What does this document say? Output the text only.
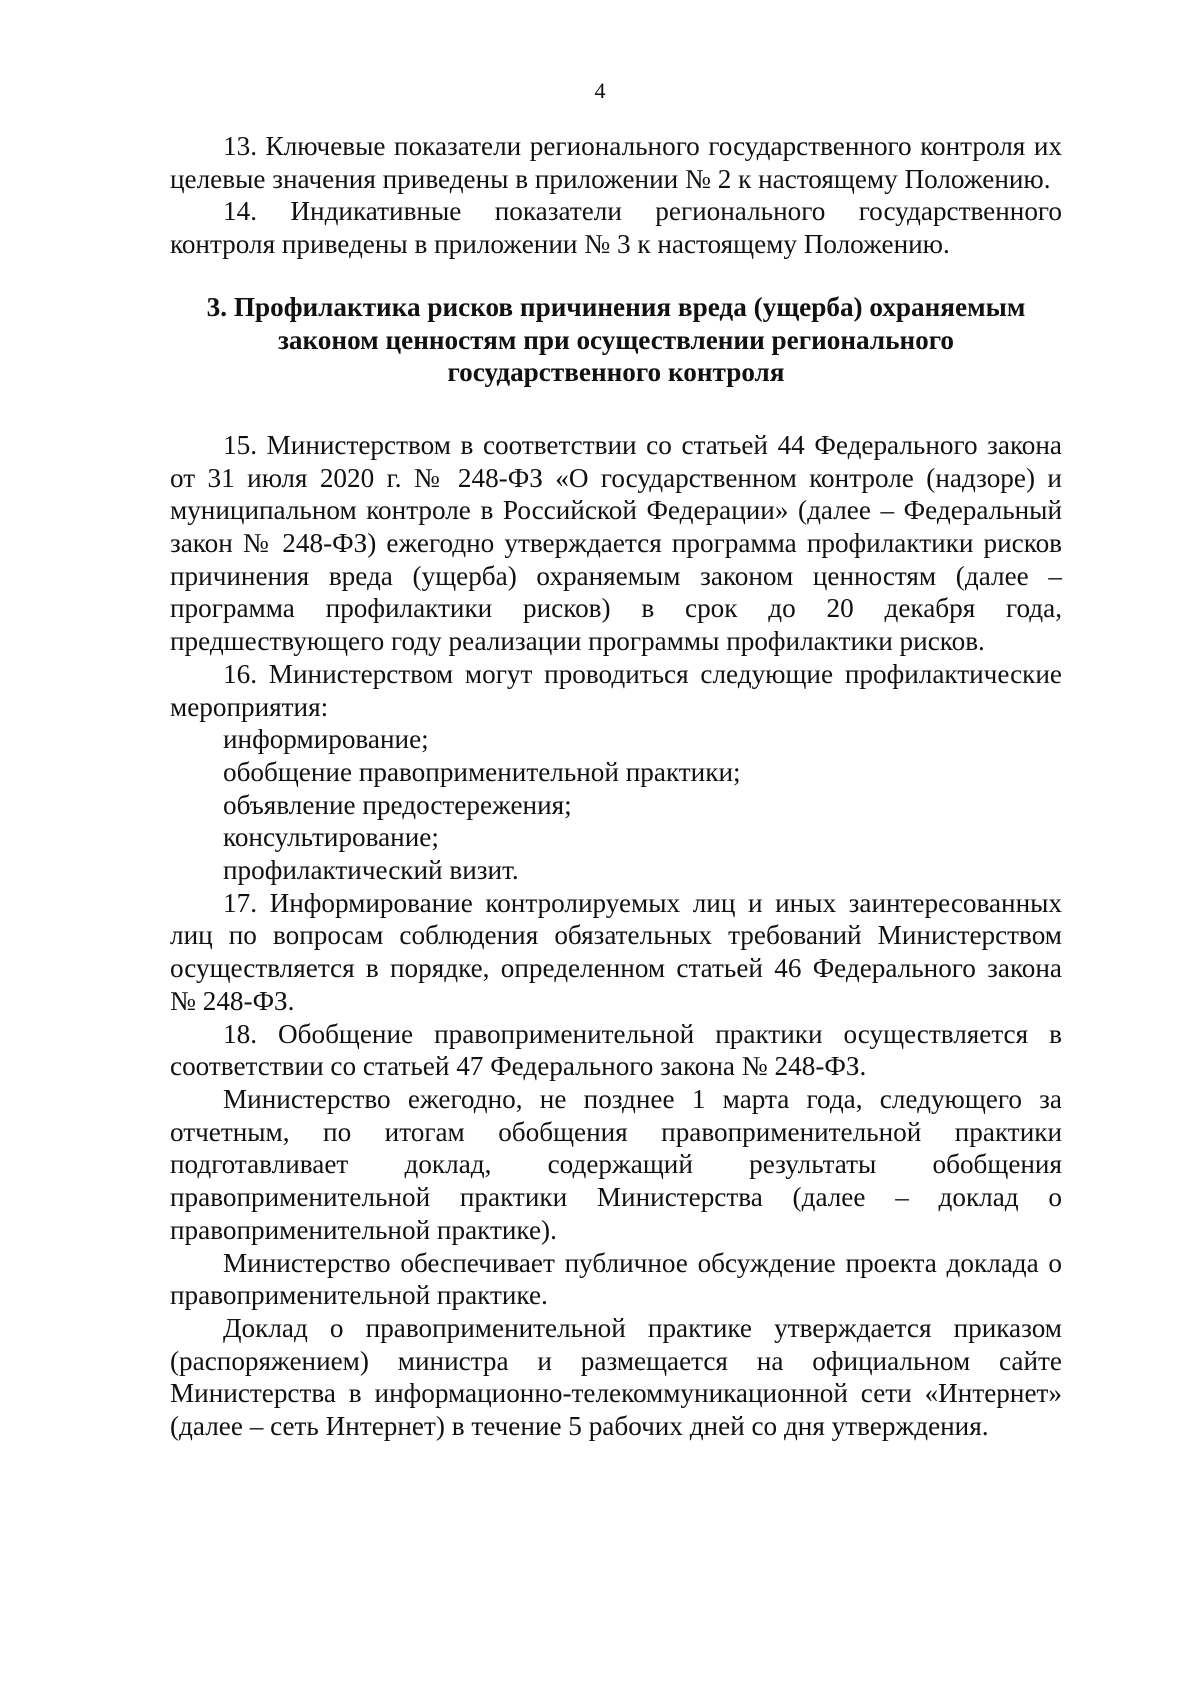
4

13. Ключевые показатели регионального государственного контроля их целевые значения приведены в приложении № 2 к настоящему Положению.

14. Индикативные показатели регионального государственного контроля приведены в приложении № 3 к настоящему Положению.

3. Профилактика рисков причинения вреда (ущерба) охраняемым
законом ценностям при осуществлении регионального
государственного контроля

15. Министерством в соответствии со статьей 44 Федерального закона от 31 июля 2020 г. № 248-ФЗ «О государственном контроле (надзоре) и муниципальном контроле в Российской Федерации» (далее – Федеральный закон № 248-ФЗ) ежегодно утверждается программа профилактики рисков причинения вреда (ущерба) охраняемым законом ценностям (далее – программа профилактики рисков) в срок до 20 декабря года, предшествующего году реализации программы профилактики рисков.

16. Министерством могут проводиться следующие профилактические мероприятия:

информирование;

обобщение правоприменительной практики;

объявление предостережения;

консультирование;

профилактический визит.

17. Информирование контролируемых лиц и иных заинтересованных лиц по вопросам соблюдения обязательных требований Министерством осуществляется в порядке, определенном статьей 46 Федерального закона № 248-ФЗ.

18. Обобщение правоприменительной практики осуществляется в соответствии со статьей 47 Федерального закона № 248-ФЗ.

Министерство ежегодно, не позднее 1 марта года, следующего за отчетным, по итогам обобщения правоприменительной практики подготавливает доклад, содержащий результаты обобщения правоприменительной практики Министерства (далее – доклад о правоприменительной практике).

Министерство обеспечивает публичное обсуждение проекта доклада о правоприменительной практике.

Доклад о правоприменительной практике утверждается приказом (распоряжением) министра и размещается на официальном сайте Министерства в информационно-телекоммуникационной сети «Интернет» (далее – сеть Интернет) в течение 5 рабочих дней со дня утверждения.
